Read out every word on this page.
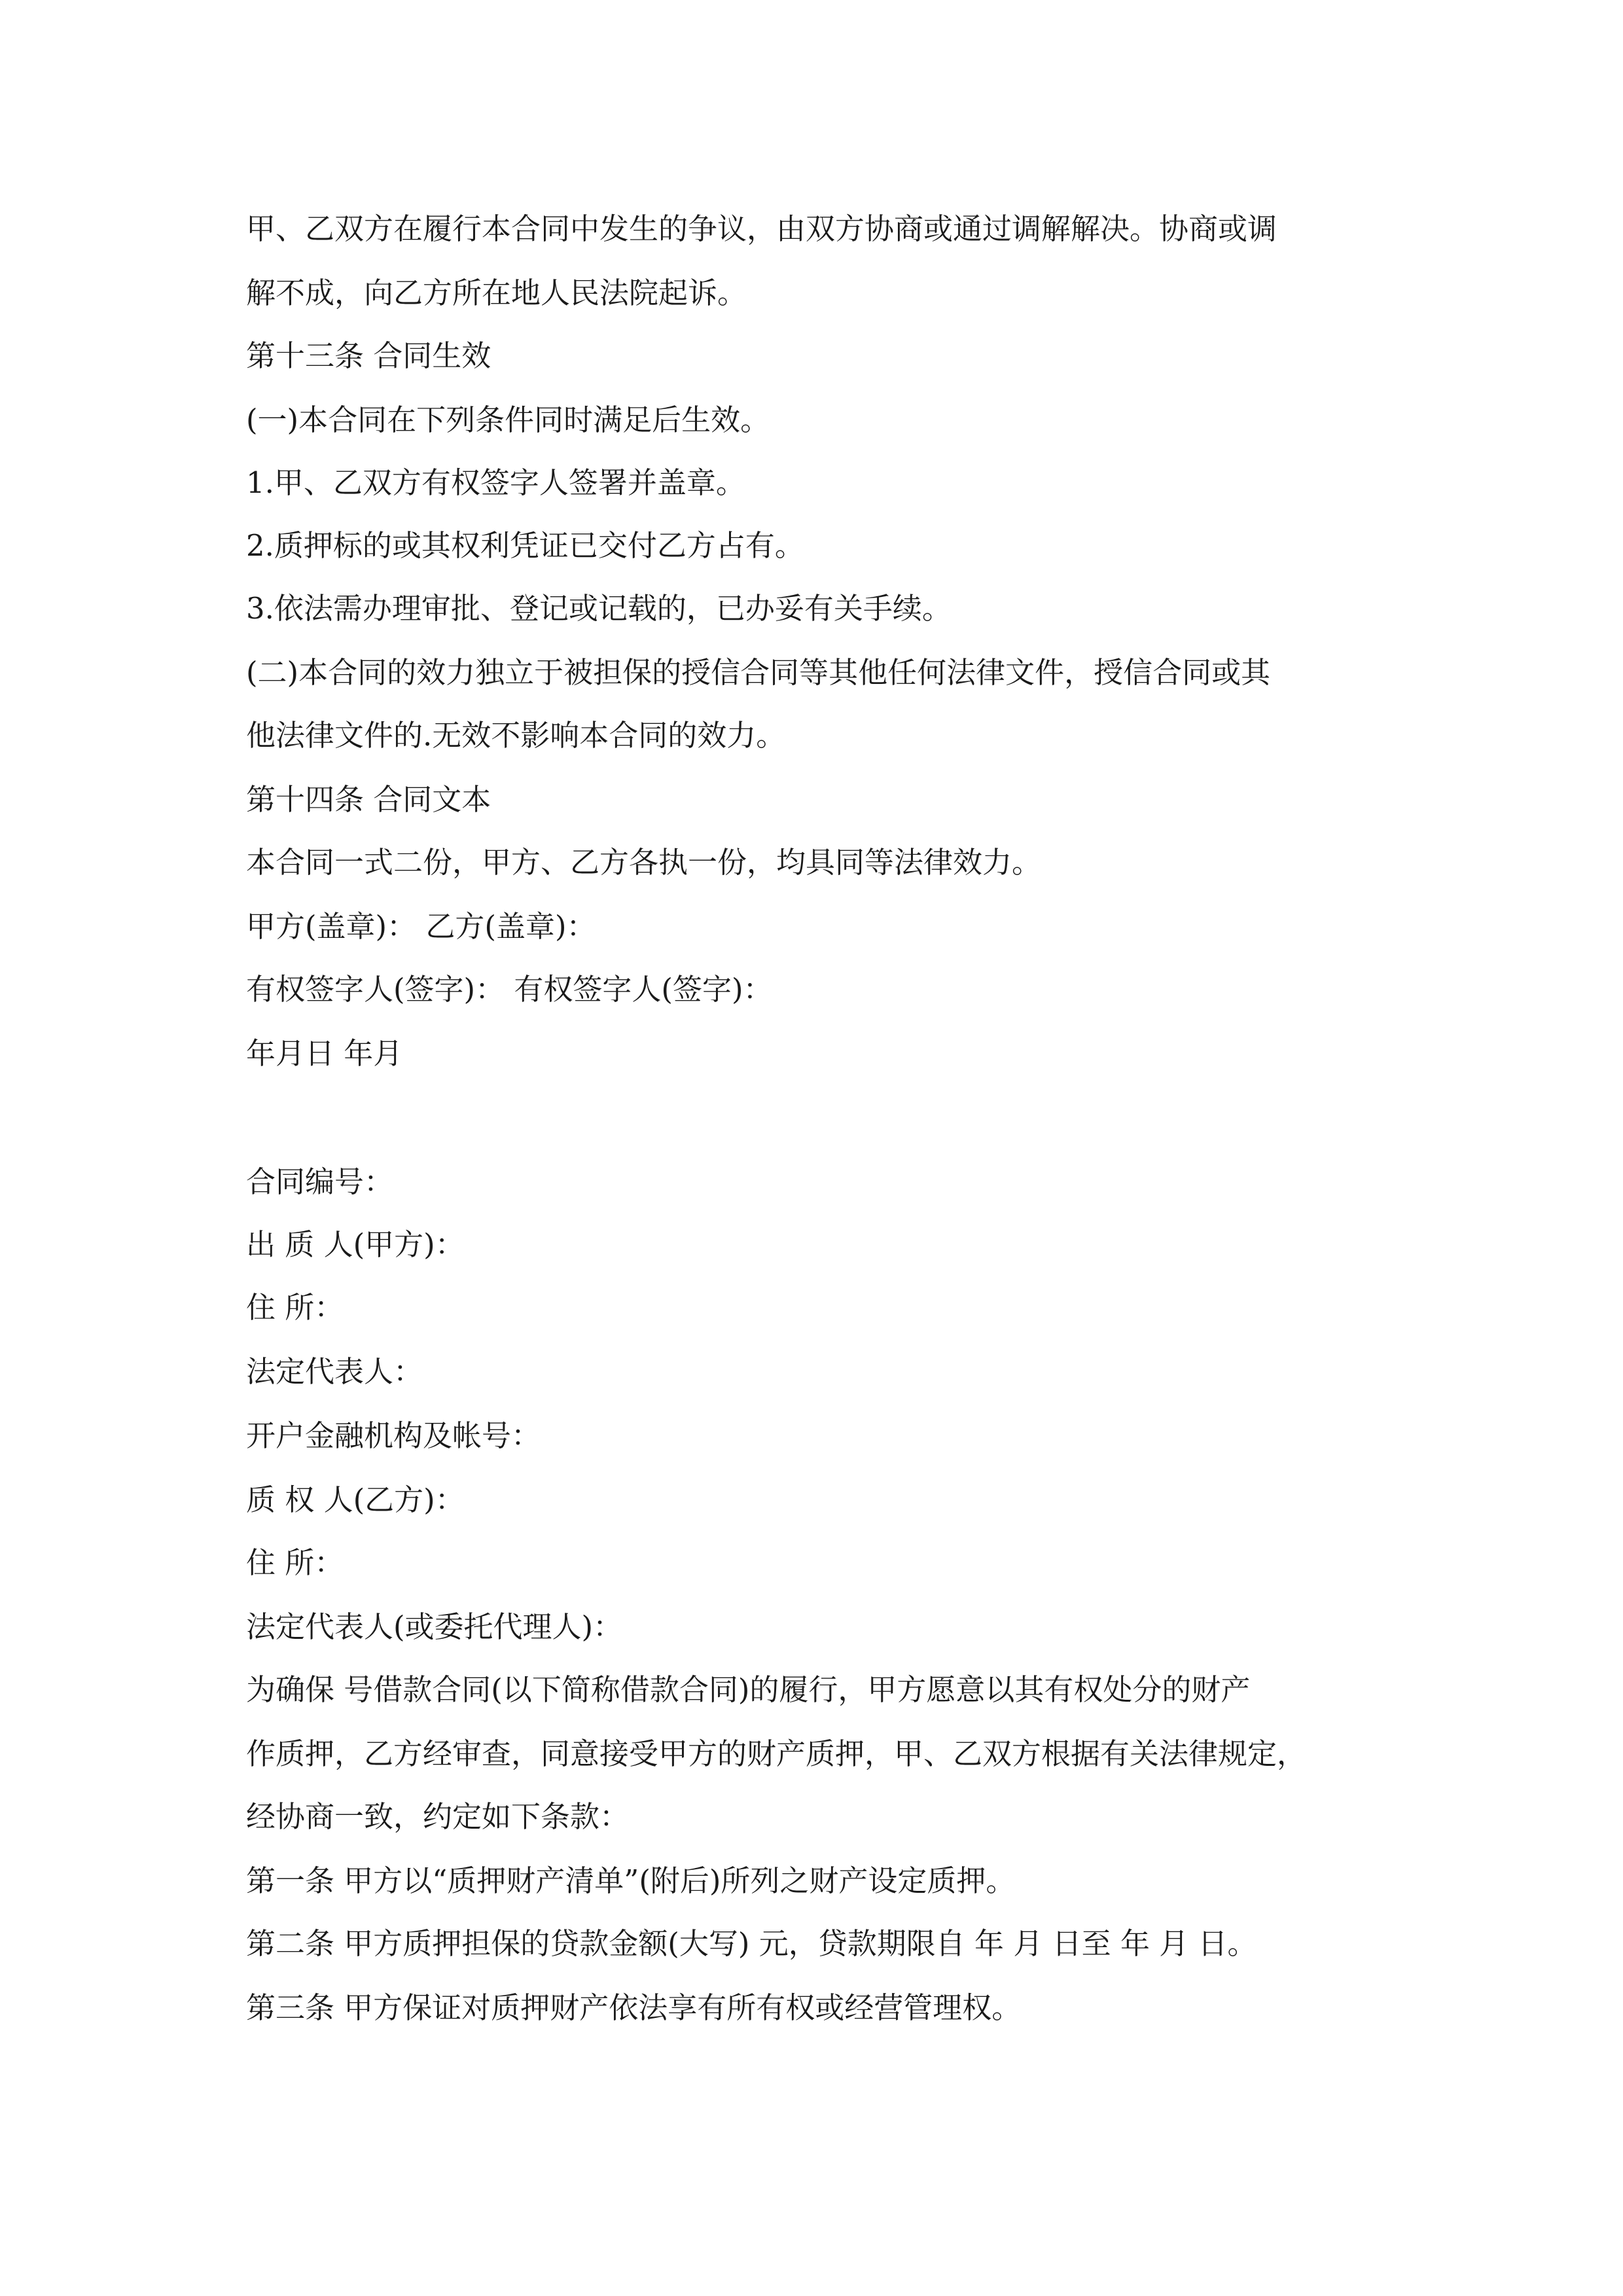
甲、乙双方在履行本合同中发生的争议，由双方协商或通过调解解决。协商或调
解不成，向乙方所在地人民法院起诉。
第十三条 合同生效
(一)本合同在下列条件同时满足后生效。
1.甲、乙双方有权签字人签署并盖章。
2.质押标的或其权利凭证已交付乙方占有。
3.依法需办理审批、登记或记载的，已办妥有关手续。
(二)本合同的效力独立于被担保的授信合同等其他任何法律文件，授信合同或其
他法律文件的.无效不影响本合同的效力。
第十四条 合同文本
本合同一式二份，甲方、乙方各执一份，均具同等法律效力。
甲方(盖章)： 乙方(盖章)：
有权签字人(签字)： 有权签字人(签字)：
年月日 年月
合同编号：
出 质 人(甲方)：
住 所：
法定代表人：
开户金融机构及帐号：
质 权 人(乙方)：
住 所：
法定代表人(或委托代理人)：
为确保 号借款合同(以下简称借款合同)的履行，甲方愿意以其有权处分的财产
作质押，乙方经审查，同意接受甲方的财产质押，甲、乙双方根据有关法律规定，
经协商一致，约定如下条款：
第一条 甲方以“质押财产清单”(附后)所列之财产设定质押。
第二条 甲方质押担保的贷款金额(大写) 元，贷款期限自 年 月 日至 年 月 日。
第三条 甲方保证对质押财产依法享有所有权或经营管理权。
